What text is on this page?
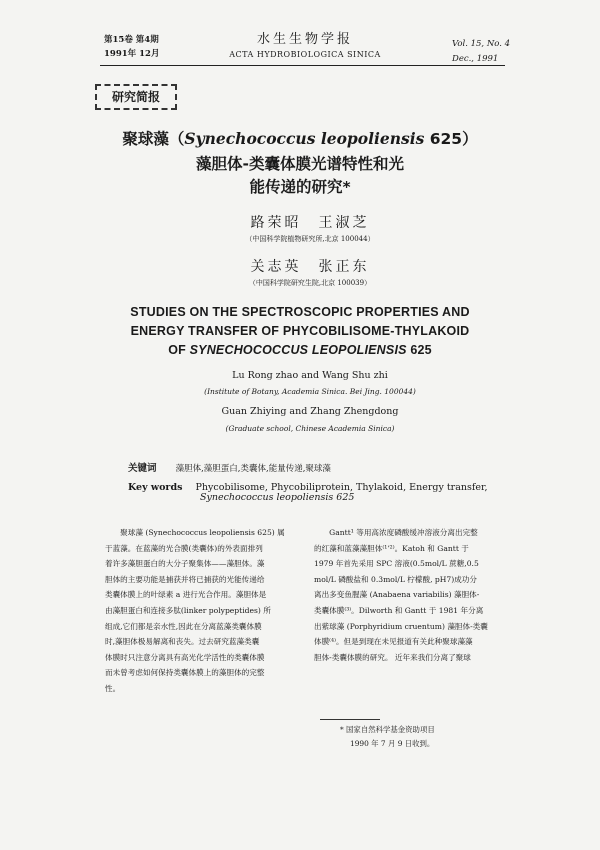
第15卷 第4期
1991年 12月
水生生物学报
ACTA HYDROBIOLOGICA SINICA
Vol. 15, No. 4
Dec., 1991
研究简报
聚球藻（Synechococcus leopoliensis 625）
藻胆体-类囊体膜光谱特性和光
能传递的研究*
路荣昭　王淑芝
（中国科学院植物研究所,北京 100044）
关志英　张正东
（中国科学院研究生院,北京 100039）
STUDIES ON THE SPECTROSCOPIC PROPERTIES AND
ENERGY TRANSFER OF PHYCOBILISOME-THYLAKOID
OF SYNECHOCOCCUS LEOPOLIENSIS 625
Lu Rong zhao and Wang Shu zhi
(Institute of Botany, Academia Sinica. Bei Jing. 100044)
Guan Zhiying and Zhang Zhengdong
(Graduate school, Chinese Academia Sinica)
关键词 藻胆体,藻胆蛋白,类囊体,能量传递,聚球藻
Key words Phycobilisome, Phycobiliprotein, Thylakoid, Energy transfer,
Synechococcus leopoliensis 625
　　聚球藻 (Synechococcus leopoliensis 625) 属
于蓝藻。在蓝藻的光合膜(类囊体)的外表面排列
着许多藻胆蛋白的大分子聚集体——藻胆体。藻
胆体的主要功能是捕获并将已捕获的光能传递给
类囊体膜上的叶绿素 a 进行光合作用。藻胆体是
由藻胆蛋白和连接多肽(linker polypeptides) 所
组成,它们都是亲水性,因此在分离蓝藻类囊体膜
时,藻胆体极易解离和丧失。过去研究蓝藻类囊
体膜时只注意分离具有高光化学活性的类囊体膜
而未曾考虑如何保持类囊体膜上的藻胆体的完整
性。
　　Gantt¹ 等用高浓度磷酸缓冲溶液分离出完整
的红藻和蓝藻藻胆体⁽¹ʼ²⁾。Katoh 和 Gantt 于
1979 年首先采用 SPC 溶液(0.5mol/L 蔗糖,0.5
mol/L 磷酸盐和 0.3mol/L 柠檬酸, pH7)成功分
离出多变鱼腥藻 (Anabaena variabilis) 藻胆体-
类囊体膜⁽³⁾。Dilworth 和 Gantt 于 1981 年分离
出紫球藻 (Porphyridium cruentum) 藻胆体-类囊
体膜⁽⁴⁾。但是到现在未见报道有关此种聚球藻藻
胆体-类囊体膜的研究。 近年来我们分离了聚球
* 国家自然科学基金资助项目
1990 年 7 月 9 日收到。
